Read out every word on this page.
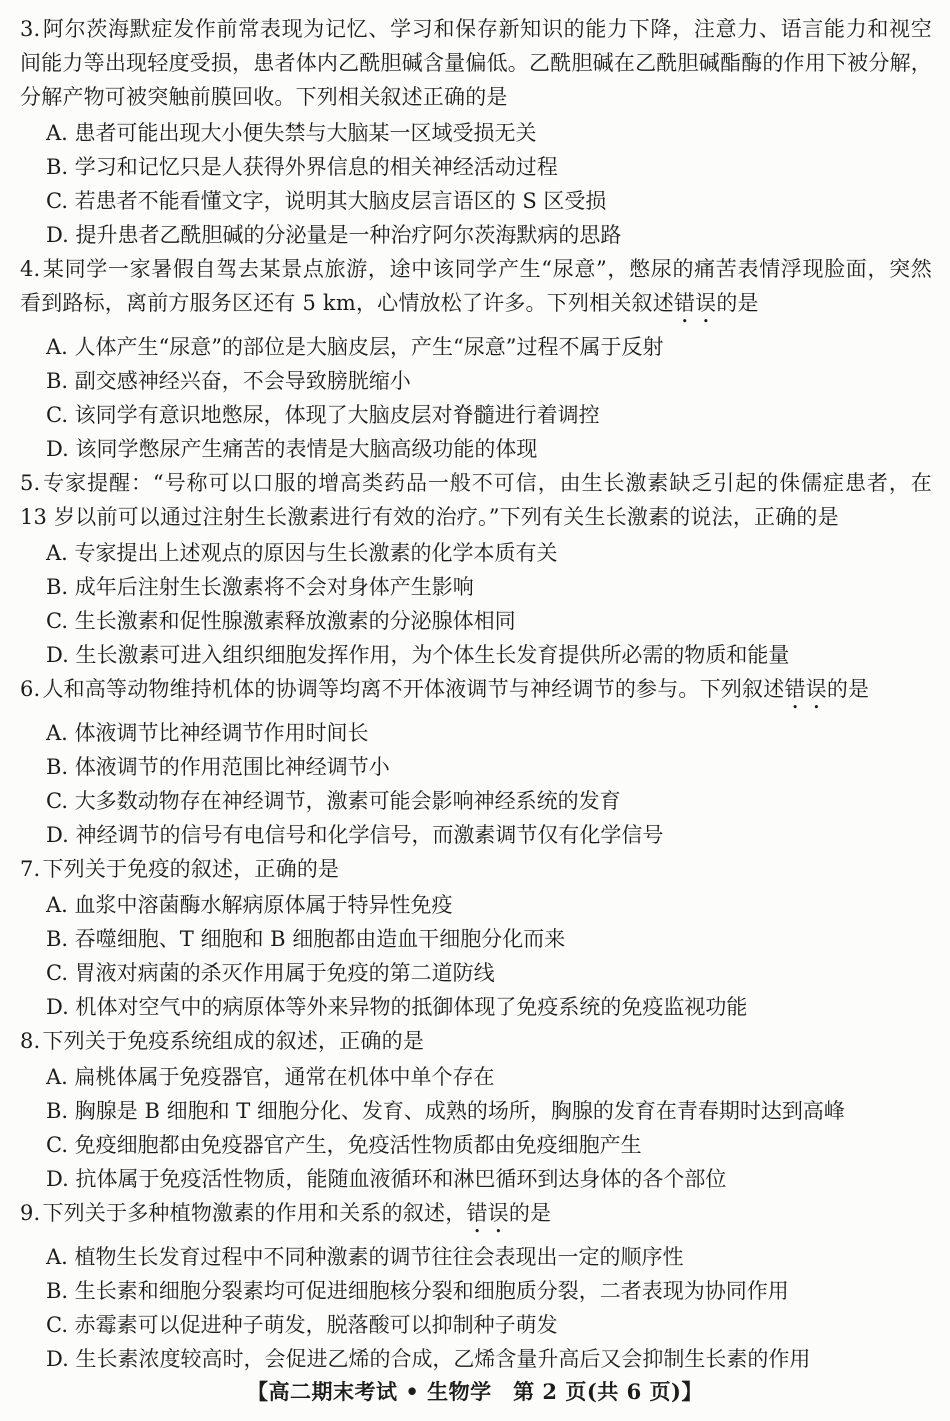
3.阿尔茨海默症发作前常表现为记忆、学习和保存新知识的能力下降，注意力、语言能力和视空间能力等出现轻度受损，患者体内乙酰胆碱含量偏低。乙酰胆碱在乙酰胆碱酯酶的作用下被分解，分解产物可被突触前膜回收。下列相关叙述正确的是
A. 患者可能出现大小便失禁与大脑某一区域受损无关
B. 学习和记忆只是人获得外界信息的相关神经活动过程
C. 若患者不能看懂文字，说明其大脑皮层言语区的 S 区受损
D. 提升患者乙酰胆碱的分泌量是一种治疗阿尔茨海默病的思路
4.某同学一家暑假自驾去某景点旅游，途中该同学产生“尿意”，憋尿的痛苦表情浮现脸面，突然看到路标，离前方服务区还有 5 km，心情放松了许多。下列相关叙述错误的是
A. 人体产生“尿意”的部位是大脑皮层，产生“尿意”过程不属于反射
B. 副交感神经兴奋，不会导致膀胱缩小
C. 该同学有意识地憋尿，体现了大脑皮层对脊髓进行着调控
D. 该同学憋尿产生痛苦的表情是大脑高级功能的体现
5.专家提醒：“号称可以口服的增高类药品一般不可信，由生长激素缺乏引起的侏儒症患者，在 13 岁以前可以通过注射生长激素进行有效的治疗。”下列有关生长激素的说法，正确的是
A. 专家提出上述观点的原因与生长激素的化学本质有关
B. 成年后注射生长激素将不会对身体产生影响
C. 生长激素和促性腺激素释放激素的分泌腺体相同
D. 生长激素可进入组织细胞发挥作用，为个体生长发育提供所必需的物质和能量
6.人和高等动物维持机体的协调等均离不开体液调节与神经调节的参与。下列叙述错误的是
A. 体液调节比神经调节作用时间长
B. 体液调节的作用范围比神经调节小
C. 大多数动物存在神经调节，激素可能会影响神经系统的发育
D. 神经调节的信号有电信号和化学信号，而激素调节仅有化学信号
7.下列关于免疫的叙述，正确的是
A. 血浆中溶菌酶水解病原体属于特异性免疫
B. 吞噬细胞、T 细胞和 B 细胞都由造血干细胞分化而来
C. 胃液对病菌的杀灭作用属于免疫的第二道防线
D. 机体对空气中的病原体等外来异物的抵御体现了免疫系统的免疫监视功能
8.下列关于免疫系统组成的叙述，正确的是
A. 扁桃体属于免疫器官，通常在机体中单个存在
B. 胸腺是 B 细胞和 T 细胞分化、发育、成熟的场所，胸腺的发育在青春期时达到高峰
C. 免疫细胞都由免疫器官产生，免疫活性物质都由免疫细胞产生
D. 抗体属于免疫活性物质，能随血液循环和淋巴循环到达身体的各个部位
9.下列关于多种植物激素的作用和关系的叙述，错误的是
A. 植物生长发育过程中不同种激素的调节往往会表现出一定的顺序性
B. 生长素和细胞分裂素均可促进细胞核分裂和细胞质分裂，二者表现为协同作用
C. 赤霉素可以促进种子萌发，脱落酸可以抑制种子萌发
D. 生长素浓度较高时，会促进乙烯的合成，乙烯含量升高后又会抑制生长素的作用
【高二期末考试 • 生物学　第 2 页(共 6 页)】
